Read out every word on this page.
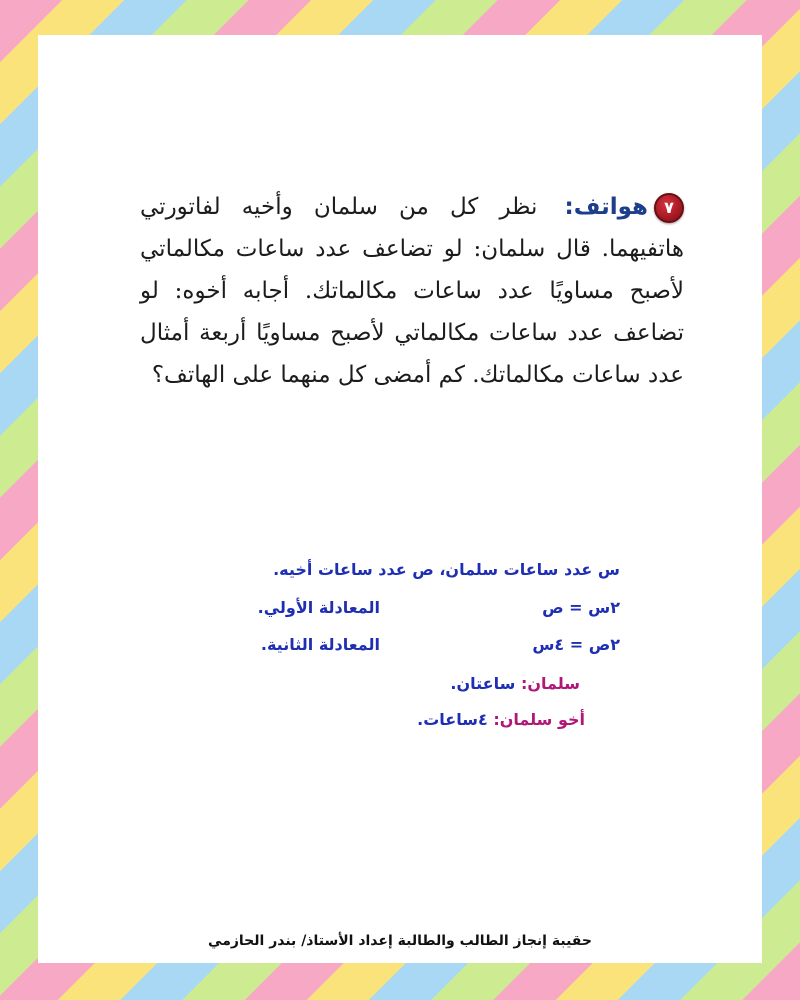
٧هواتف: نظر كل من سلمان وأخيه لفاتورتي هاتفيهما. قال سلمان: لو تضاعف عدد ساعات مكالماتي لأصبح مساويًا عدد ساعات مكالماتك. أجابه أخوه: لو تضاعف عدد ساعات مكالماتي لأصبح مساويًا أربعة أمثال عدد ساعات مكالماتك. كم أمضى كل منهما على الهاتف؟

س عدد ساعات سلمان، ص عدد ساعات أخيه.
٢س = ص
المعادلة الأولي.
٢ص = ٤س
المعادلة الثانية.
سلمان: ساعتان.
أخو سلمان: ٤ساعات.
حقيبة إنجاز الطالب والطالبة إعداد الأستاذ/ بندر الحازمي
